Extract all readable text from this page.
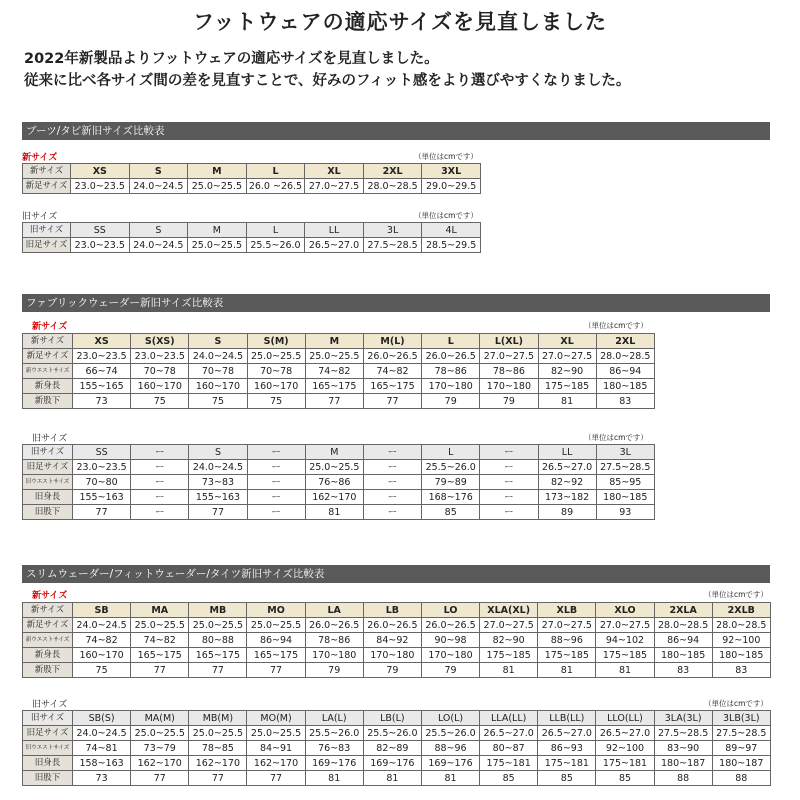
フットウェアの適応サイズを見直しました
2022年新製品よりフットウェアの適応サイズを見直しました。
従来に比べ各サイズ間の差を見直すことで、好みのフィット感をより選びやすくなりました。
ブーツ/タビ新旧サイズ比較表
新サイズ	（単位はcmです）
新サイズ	XS	S	M	L	XL	2XL	3XL
新足サイズ	23.0~23.5	24.0~24.5	25.0~25.5	26.0 ~26.5	27.0~27.5	28.0~28.5	29.0~29.5
旧サイズ	（単位はcmです）
旧サイズ	SS	S	M	L	LL	3L	4L
旧足サイズ	23.0~23.5	24.0~24.5	25.0~25.5	25.5~26.0	26.5~27.0	27.5~28.5	28.5~29.5
ファブリックウェーダー新旧サイズ比較表
新サイズ	（単位はcmです）
新サイズ	XS	S(XS)	S	S(M)	M	M(L)	L	L(XL)	XL	2XL
新足サイズ	23.0~23.5	23.0~23.5	24.0~24.5	25.0~25.5	25.0~25.5	26.0~26.5	26.0~26.5	27.0~27.5	27.0~27.5	28.0~28.5
新ウエストサイズ	66~74	70~78	70~78	70~78	74~82	74~82	78~86	78~86	82~90	86~94
新身長	155~165	160~170	160~170	160~170	165~175	165~175	170~180	170~180	175~185	180~185
新股下	73	75	75	75	77	77	79	79	81	83
旧サイズ	（単位はcmです）
旧サイズ	SS	ー	S	ー	M	ー	L	ー	LL	3L
旧足サイズ	23.0~23.5	ー	24.0~24.5	ー	25.0~25.5	ー	25.5~26.0	ー	26.5~27.0	27.5~28.5
旧ウエストサイズ	70~80	ー	73~83	ー	76~86	ー	79~89	ー	82~92	85~95
旧身長	155~163	ー	155~163	ー	162~170	ー	168~176	ー	173~182	180~185
旧股下	77	ー	77	ー	81	ー	85	ー	89	93
スリムウェーダー/フィットウェーダー/タイツ新旧サイズ比較表
新サイズ	（単位はcmです）
新サイズ	SB	MA	MB	MO	LA	LB	LO	XLA(XL)	XLB	XLO	2XLA	2XLB
新足サイズ	24.0~24.5	25.0~25.5	25.0~25.5	25.0~25.5	26.0~26.5	26.0~26.5	26.0~26.5	27.0~27.5	27.0~27.5	27.0~27.5	28.0~28.5	28.0~28.5
新ウエストサイズ	74~82	74~82	80~88	86~94	78~86	84~92	90~98	82~90	88~96	94~102	86~94	92~100
新身長	160~170	165~175	165~175	165~175	170~180	170~180	170~180	175~185	175~185	175~185	180~185	180~185
新股下	75	77	77	77	79	79	79	81	81	81	83	83
旧サイズ	（単位はcmです）
旧サイズ	SB(S)	MA(M)	MB(M)	MO(M)	LA(L)	LB(L)	LO(L)	LLA(LL)	LLB(LL)	LLO(LL)	3LA(3L)	3LB(3L)
旧足サイズ	24.0~24.5	25.0~25.5	25.0~25.5	25.0~25.5	25.5~26.0	25.5~26.0	25.5~26.0	26.5~27.0	26.5~27.0	26.5~27.0	27.5~28.5	27.5~28.5
旧ウエストサイズ	74~81	73~79	78~85	84~91	76~83	82~89	88~96	80~87	86~93	92~100	83~90	89~97
旧身長	158~163	162~170	162~170	162~170	169~176	169~176	169~176	175~181	175~181	175~181	180~187	180~187
旧股下	73	77	77	77	81	81	81	85	85	85	88	88
